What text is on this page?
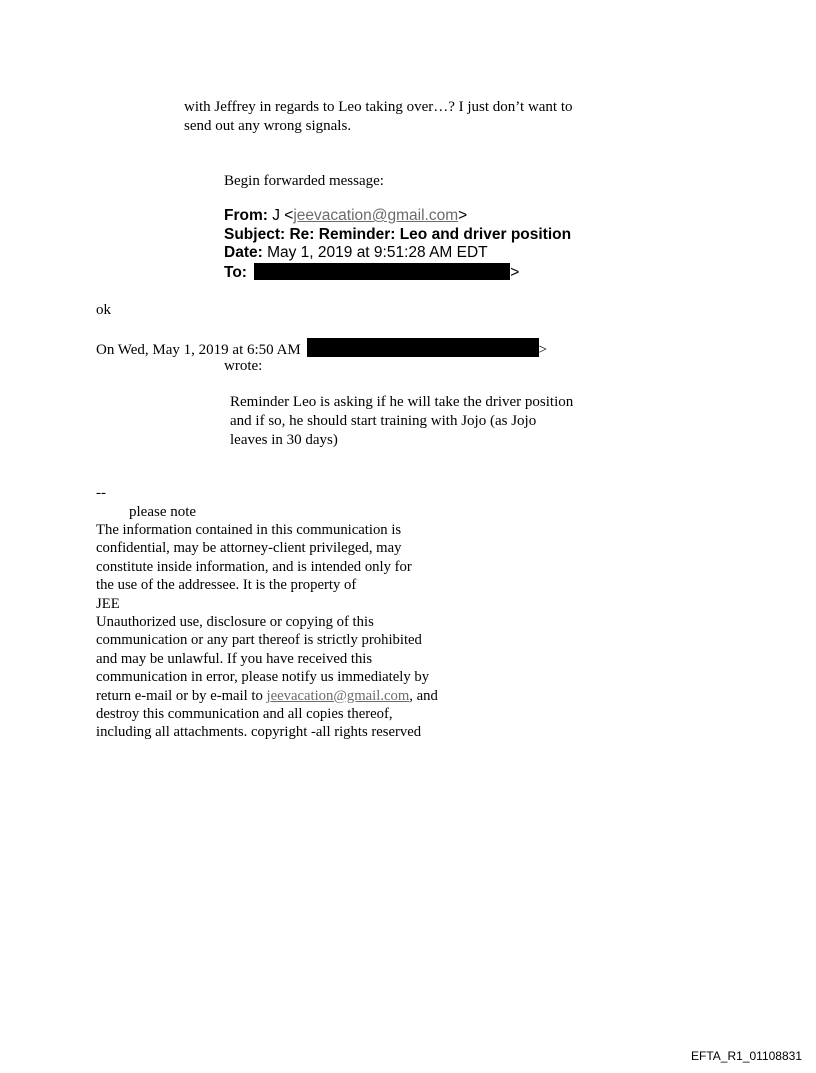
with Jeffrey in regards to Leo taking over…? I just don’t want to
send out any wrong signals.
Begin forwarded message:
From: J <jeevacation@gmail.com>
Subject: Re: Reminder: Leo and driver position
Date: May 1, 2019 at 9:51:28 AM EDT
To:	>
ok
On Wed, May 1, 2019 at 6:50 AM	>
wrote:
Reminder Leo is asking if he will take the driver position
and if so, he should start training with Jojo (as Jojo
leaves in 30 days)
--
please note
The information contained in this communication is
confidential, may be attorney-client privileged, may
constitute inside information, and is intended only for
the use of the addressee. It is the property of
JEE
Unauthorized use, disclosure or copying of this
communication or any part thereof is strictly prohibited
and may be unlawful. If you have received this
communication in error, please notify us immediately by
return e-mail or by e-mail to jeevacation@gmail.com, and
destroy this communication and all copies thereof,
including all attachments. copyright -all rights reserved
EFTA_R1_01108831
